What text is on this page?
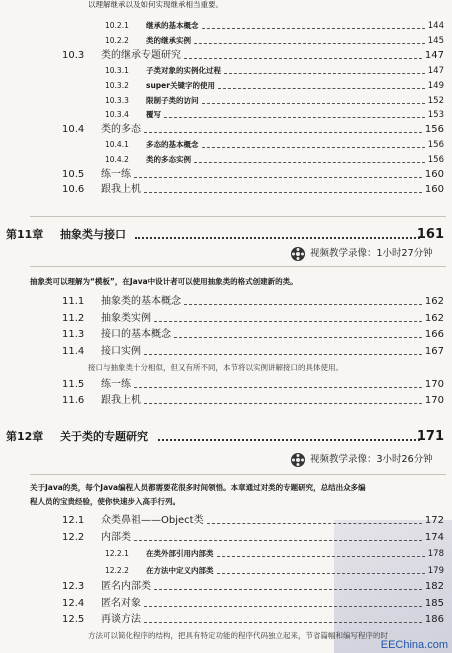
以理解继承以及如何实现继承相当重要。
10.2.1 继承的基本概念	144
10.2.2 类的继承实例	145
10.3 类的继承专题研究	147
10.3.1 子类对象的实例化过程	147
10.3.2 super关键字的使用	149
10.3.3 限制子类的访问	152
10.3.4 覆写	153
10.4 类的多态	156
10.4.1 多态的基本概念	156
10.4.2 类的多态实例	156
10.5 练一练	160
10.6 跟我上机	160
第11章 抽象类与接口	161
视频教学录像：1小时27分钟
抽象类可以理解为“模板”，在Java中设计者可以使用抽象类的格式创建新的类。
11.1 抽象类的基本概念	162
11.2 抽象类实例	162
11.3 接口的基本概念	166
11.4 接口实例	167
接口与抽象类十分相似，但又有所不同，本节将以实例讲解接口的具体使用。
11.5 练一练	170
11.6 跟我上机	170
第12章 关于类的专题研究	171
视频教学录像：3小时26分钟
关于Java的类，每个Java编程人员都需要花很多时间领悟。本章通过对类的专题研究，总结出众多编
程人员的宝贵经验，使你快速步入高手行列。
12.1 众类鼻祖——Object类	172
12.2 内部类	174
12.2.1 在类外部引用内部类	178
12.2.2 在方法中定义内部类	179
12.3 匿名内部类	182
12.4 匿名对象	185
12.5 再谈方法	186
方法可以简化程序的结构，把具有特定功能的程序代码独立起来，节省篇幅和编写程序的时
EEChina.com
